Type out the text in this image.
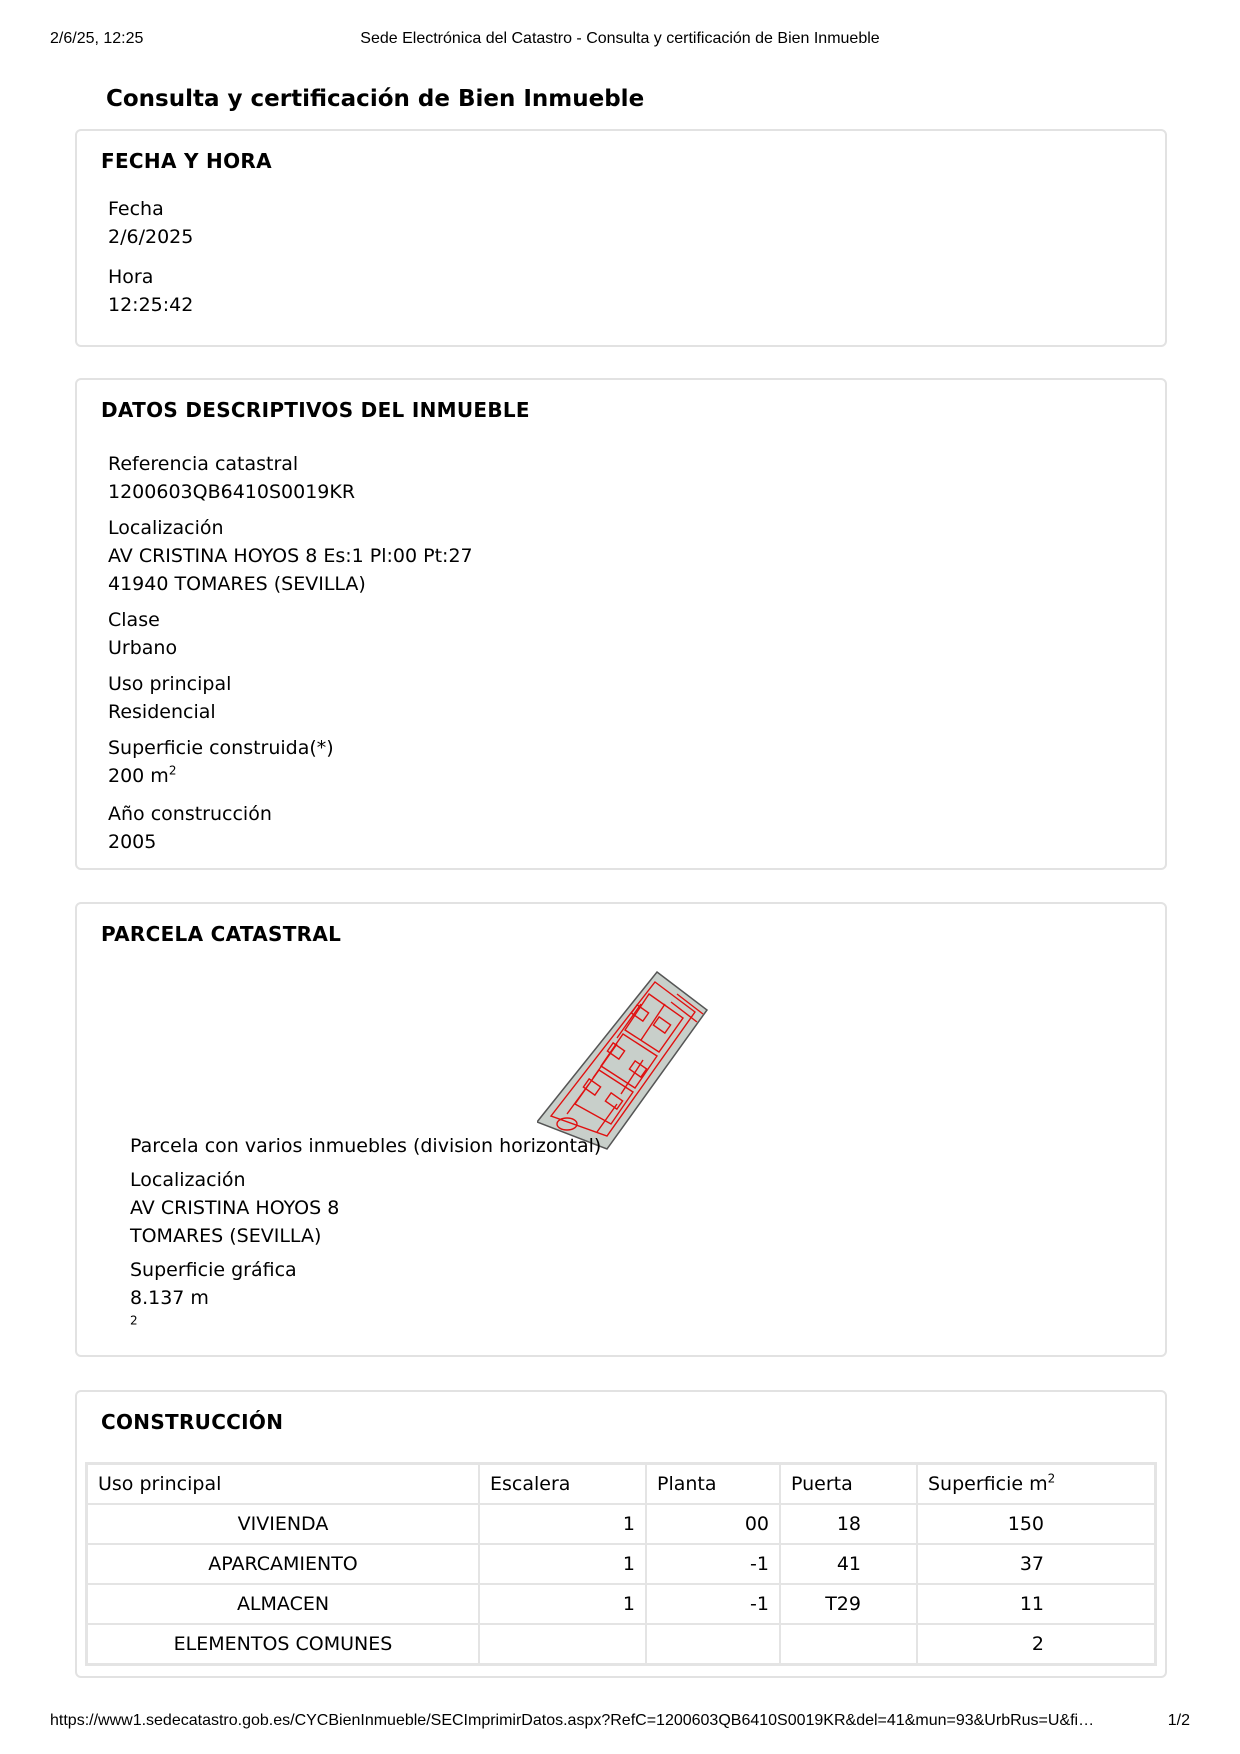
2/6/25, 12:25	Sede Electrónica del Catastro - Consulta y certificación de Bien Inmueble
Consulta y certificación de Bien Inmueble
FECHA Y HORA
Fecha
2/6/2025
Hora
12:25:42
DATOS DESCRIPTIVOS DEL INMUEBLE
Referencia catastral
1200603QB6410S0019KR
Localización
AV CRISTINA HOYOS 8 Es:1 Pl:00 Pt:27
41940 TOMARES (SEVILLA)
Clase
Urbano
Uso principal
Residencial
Superficie construida(*)
200 $m^2$
Año construcción
2005
PARCELA CATASTRAL
Parcela con varios inmuebles (division horizontal)
Localización
AV CRISTINA HOYOS 8
TOMARES (SEVILLA)
Superficie gráfica
8.137 m
$^2$
CONSTRUCCIÓN
Uso principal	Escalera	Planta	Puerta	Superficie $m^2$
VIVIENDA	1	00	18	150
APARCAMIENTO	1	-1	41	37
ALMACEN	1	-1	T29	11
ELEMENTOS COMUNES				2
https://www1.sedecatastro.gob.es/CYCBienInmueble/SECImprimirDatos.aspx?RefC=1200603QB6410S0019KR&del=41&mun=93&UrbRus=U&fi…	1/2
